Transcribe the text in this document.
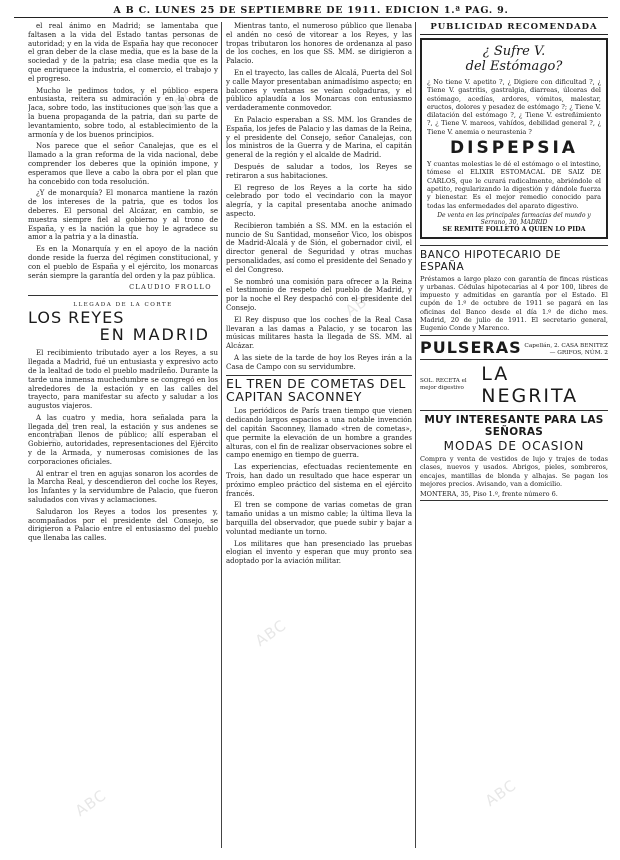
A B C. LUNES 25 DE SEPTIEMBRE DE 1911. EDICION 1.ª PAG. 9.

el real ánimo en Madrid; se lamentaba que faltasen a la vida del Estado tantas personas de autoridad; y en la vida de España hay que reconocer el gran deber de la clase media, que es la base de la sociedad y de la patria; esa clase media que es la que enriquece la industria, el comercio, el trabajo y el progreso.

Mucho le pedimos todos, y el público espera entusiasta, reitera su admiración y en la obra de Jaca, sobre todo, las instituciones que son las que a la buena propaganda de la patria, dan su parte de levantamiento, sobre todo, al establecimiento de la armonía y de los buenos principios.

Nos parece que el señor Canalejas, que es el llamado a la gran reforma de la vida nacional, debe comprender los deberes que la opinión impone, y esperamos que lleve a cabo la obra por el plan que ha concebido con toda resolución.

¿Y de monarquía? El monarca mantiene la razón de los intereses de la patria, que es todos los deberes. El personal del Alcázar, en cambio, se muestra siempre fiel al gobierno y al trono de España, y es la nación la que hoy le agradece su amor a la patria y a la dinastía.

Es en la Monarquía y en el apoyo de la nación donde reside la fuerza del régimen constitucional, y con el pueblo de España y el ejército, los monarcas serán siempre la garantía del orden y la paz pública.

CLAUDIO FROLLO
LLEGADA DE LA CORTE
LOS REYES
EN MADRID

El recibimiento tributado ayer a los Reyes, a su llegada a Madrid, fué un entusiasta y expresivo acto de la lealtad de todo el pueblo madrileño. Durante la tarde una inmensa muchedumbre se congregó en los alrededores de la estación y en las calles del trayecto, para manifestar su afecto y saludar a los augustos viajeros.

A las cuatro y media, hora señalada para la llegada del tren real, la estación y sus andenes se encontraban llenos de público; allí esperaban el Gobierno, autoridades, representaciones del Ejército y de la Armada, y numerosas comisiones de las corporaciones oficiales.

Al entrar el tren en agujas sonaron los acordes de la Marcha Real, y descendieron del coche los Reyes, los Infantes y la servidumbre de Palacio, que fueron saludados con vivas y aclamaciones.

Saludaron los Reyes a todos los presentes y, acompañados por el presidente del Consejo, se dirigieron a Palacio entre el entusiasmo del pueblo que llenaba las calles.

Mientras tanto, el numeroso público que llenaba el andén no cesó de vitorear a los Reyes, y las tropas tributaron los honores de ordenanza al paso de los coches, en los que SS. MM. se dirigieron a Palacio.

En el trayecto, las calles de Alcalá, Puerta del Sol y calle Mayor presentaban animadísimo aspecto; en balcones y ventanas se veían colgaduras, y el público aplaudía a los Monarcas con entusiasmo verdaderamente conmovedor.

En Palacio esperaban a SS. MM. los Grandes de España, los jefes de Palacio y las damas de la Reina, y el presidente del Consejo, señor Canalejas, con los ministros de la Guerra y de Marina, el capitán general de la región y el alcalde de Madrid.

Después de saludar a todos, los Reyes se retiraron a sus habitaciones.

El regreso de los Reyes a la corte ha sido celebrado por todo el vecindario con la mayor alegría, y la capital presentaba anoche animado aspecto.

Recibieron también a SS. MM. en la estación el nuncio de Su Santidad, monseñor Vico, los obispos de Madrid-Alcalá y de Sión, el gobernador civil, el director general de Seguridad y otras muchas personalidades, así como el presidente del Senado y el del Congreso.

Se nombró una comisión para ofrecer a la Reina el testimonio de respeto del pueblo de Madrid, y por la noche el Rey despachó con el presidente del Consejo.

El Rey dispuso que los coches de la Real Casa llevaran a las damas a Palacio, y se tocaron las músicas militares hasta la llegada de SS. MM. al Alcázar.

A las siete de la tarde de hoy los Reyes irán a la Casa de Campo con su servidumbre.

EL TREN DE COMETAS DEL CAPITAN SACONNEY

Los periódicos de París traen tiempo que vienen dedicando largos espacios a una notable invención del capitán Saconney, llamado «tren de cometas», que permite la elevación de un hombre a grandes alturas, con el fin de realizar observaciones sobre el campo enemigo en tiempo de guerra.

Las experiencias, efectuadas recientemente en Trois, han dado un resultado que hace esperar un próximo empleo práctico del sistema en el ejército francés.

El tren se compone de varias cometas de gran tamaño unidas a un mismo cable; la última lleva la barquilla del observador, que puede subir y bajar a voluntad mediante un torno.

Los militares que han presenciado las pruebas elogian el invento y esperan que muy pronto sea adoptado por la aviación militar.

PUBLICIDAD RECOMENDADA
¿ Sufre V.
del Estómago?

¿ No tiene V. apetito ?, ¿ Digiere con dificultad ?, ¿ Tiene V. gastritis, gastralgia, diarreas, úlceras del estómago, acedías, ardores, vómitos, malestar, eructos, dolores y pesadez de estómago ?; ¿ Tiene V. dilatación del estómago ?, ¿ Tiene V. estreñimiento ?, ¿ Tiene V. mareos, vahídos, debilidad general ?, ¿ Tiene V. anemia o neurastenia ?

DISPEPSIA

Y cuantas molestias le dé el estómago o el intestino, tómese el ELIXIR ESTOMACAL DE SAIZ DE CARLOS, que le curará radicalmente, abriéndole el apetito, regularizando la digestión y dándole fuerza y bienestar. Es el mejor remedio conocido para todas las enfermedades del aparato digestivo.

De venta en las principales farmacias del mundo y Serrano, 30, MADRID
SE REMITE FOLLETO A QUIEN LO PIDA
BANCO HIPOTECARIO DE ESPAÑA

Préstamos a largo plazo con garantía de fincas rústicas y urbanas. Cédulas hipotecarias al 4 por 100, libres de impuesto y admitidas en garantía por el Estado. El cupón de 1.º de octubre de 1911 se pagará en las oficinas del Banco desde el día 1.º de dicho mes. Madrid, 20 de julio de 1911. El secretario general, Eugenio Conde y Marenco.

PULSERAS Capellán, 2. CASA BENITEZ — GRIFOS, NÚM. 2
SOL. RECETA el mejor digestivo
LA NEGRITA
MUY INTERESANTE PARA LAS SEÑORAS
MODAS DE OCASION

Compra y venta de vestidos de lujo y trajes de todas clases, nuevos y usados. Abrigos, pieles, sombreros, encajes, mantillas de blonda y alhajas. Se pagan los mejores precios. Avisando, van a domicilio.

MONTERA, 35, Piso 1.º, frente número 6.
ABC
ABC
ABC
ABC
ABC
ABC
